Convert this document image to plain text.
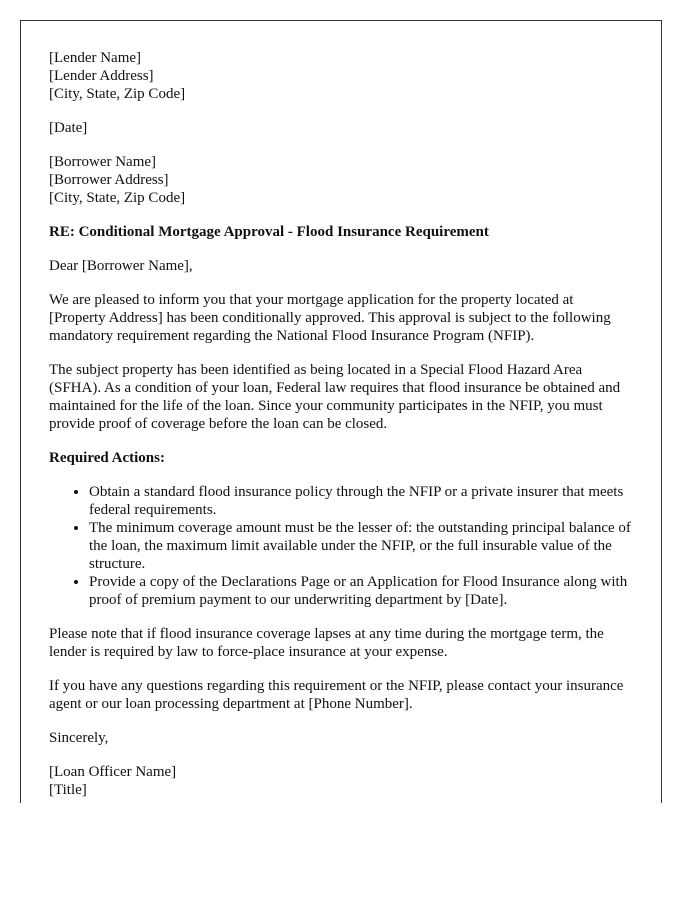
[Lender Name]
[Lender Address]
[City, State, Zip Code]

[Date]

[Borrower Name]
[Borrower Address]
[City, State, Zip Code]

RE: Conditional Mortgage Approval - Flood Insurance Requirement

Dear [Borrower Name],

We are pleased to inform you that your mortgage application for the property located at [Property Address] has been conditionally approved. This approval is subject to the following mandatory requirement regarding the National Flood Insurance Program (NFIP).

The subject property has been identified as being located in a Special Flood Hazard Area (SFHA). As a condition of your loan, Federal law requires that flood insurance be obtained and maintained for the life of the loan. Since your community participates in the NFIP, you must provide proof of coverage before the loan can be closed.

Required Actions:

• Obtain a standard flood insurance policy through the NFIP or a private insurer that meets federal requirements.
• The minimum coverage amount must be the lesser of: the outstanding principal balance of the loan, the maximum limit available under the NFIP, or the full insurable value of the structure.
• Provide a copy of the Declarations Page or an Application for Flood Insurance along with proof of premium payment to our underwriting department by [Date].

Please note that if flood insurance coverage lapses at any time during the mortgage term, the lender is required by law to force-place insurance at your expense.

If you have any questions regarding this requirement or the NFIP, please contact your insurance agent or our loan processing department at [Phone Number].

Sincerely,

[Loan Officer Name]
[Title]
